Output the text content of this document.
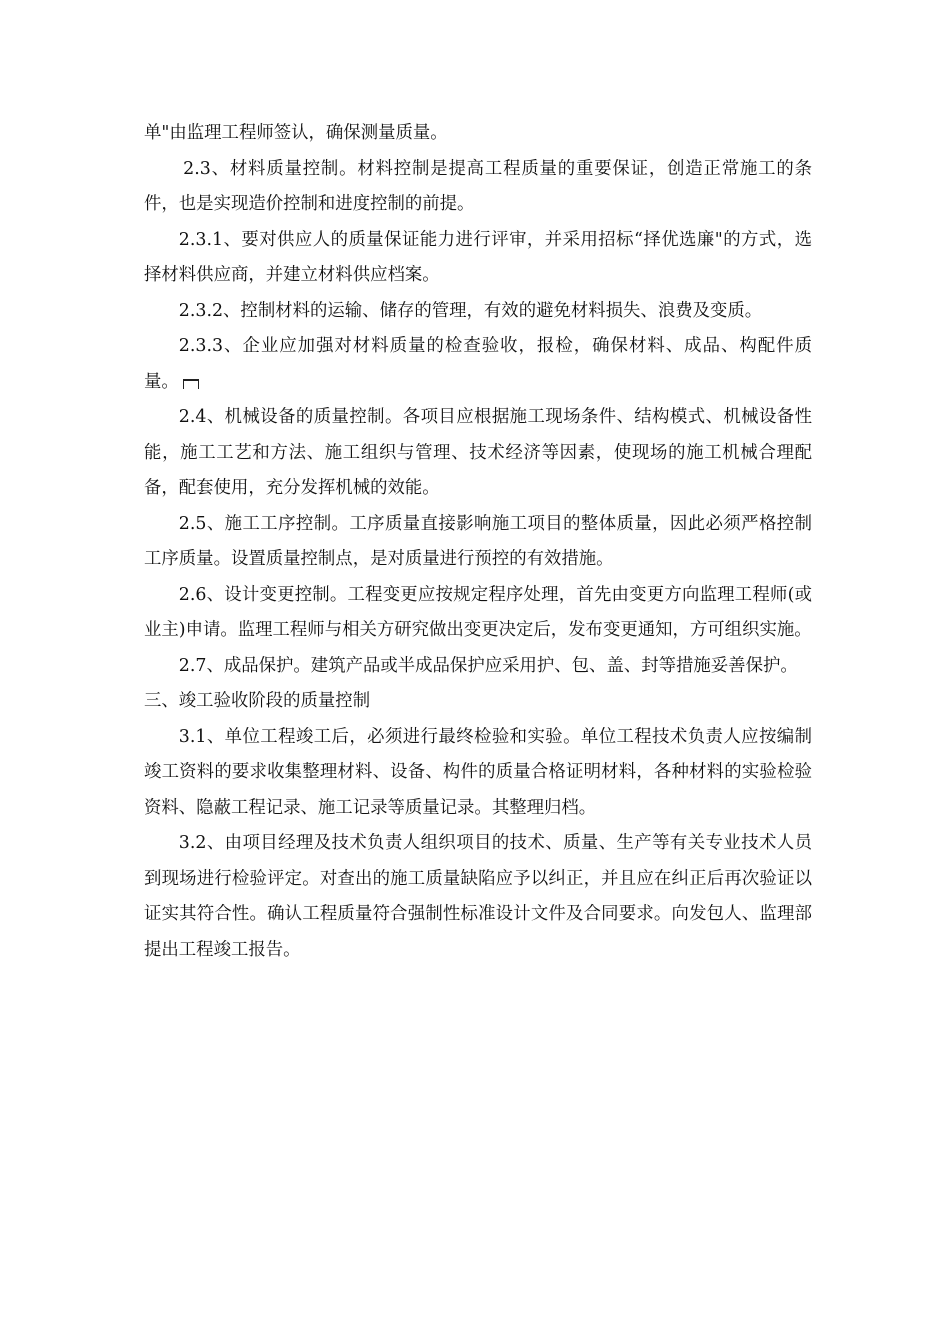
单"由监理工程师签认，确保测量质量。

2.3、材料质量控制。材料控制是提高工程质量的重要保证，创造正常施工的条件，也是实现造价控制和进度控制的前提。

2.3.1、要对供应人的质量保证能力进行评审，并采用招标“择优选廉"的方式，选择材料供应商，并建立材料供应档案。

2.3.2、控制材料的运输、储存的管理，有效的避免材料损失、浪费及变质。

2.3.3、企业应加强对材料质量的检查验收，报检，确保材料、成品、构配件质量。

2.4、机械设备的质量控制。各项目应根据施工现场条件、结构模式、机械设备性能，施工工艺和方法、施工组织与管理、技术经济等因素，使现场的施工机械合理配备，配套使用，充分发挥机械的效能。

2.5、施工工序控制。工序质量直接影响施工项目的整体质量，因此必须严格控制工序质量。设置质量控制点，是对质量进行预控的有效措施。

2.6、设计变更控制。工程变更应按规定程序处理，首先由变更方向监理工程师(或业主)申请。监理工程师与相关方研究做出变更决定后，发布变更通知，方可组织实施。

2.7、成品保护。建筑产品或半成品保护应采用护、包、盖、封等措施妥善保护。

三、竣工验收阶段的质量控制

3.1、单位工程竣工后，必须进行最终检验和实验。单位工程技术负责人应按编制竣工资料的要求收集整理材料、设备、构件的质量合格证明材料，各种材料的实验检验资料、隐蔽工程记录、施工记录等质量记录。其整理归档。

3.2、由项目经理及技术负责人组织项目的技术、质量、生产等有关专业技术人员到现场进行检验评定。对查出的施工质量缺陷应予以纠正，并且应在纠正后再次验证以证实其符合性。确认工程质量符合强制性标准设计文件及合同要求。向发包人、监理部提出工程竣工报告。
